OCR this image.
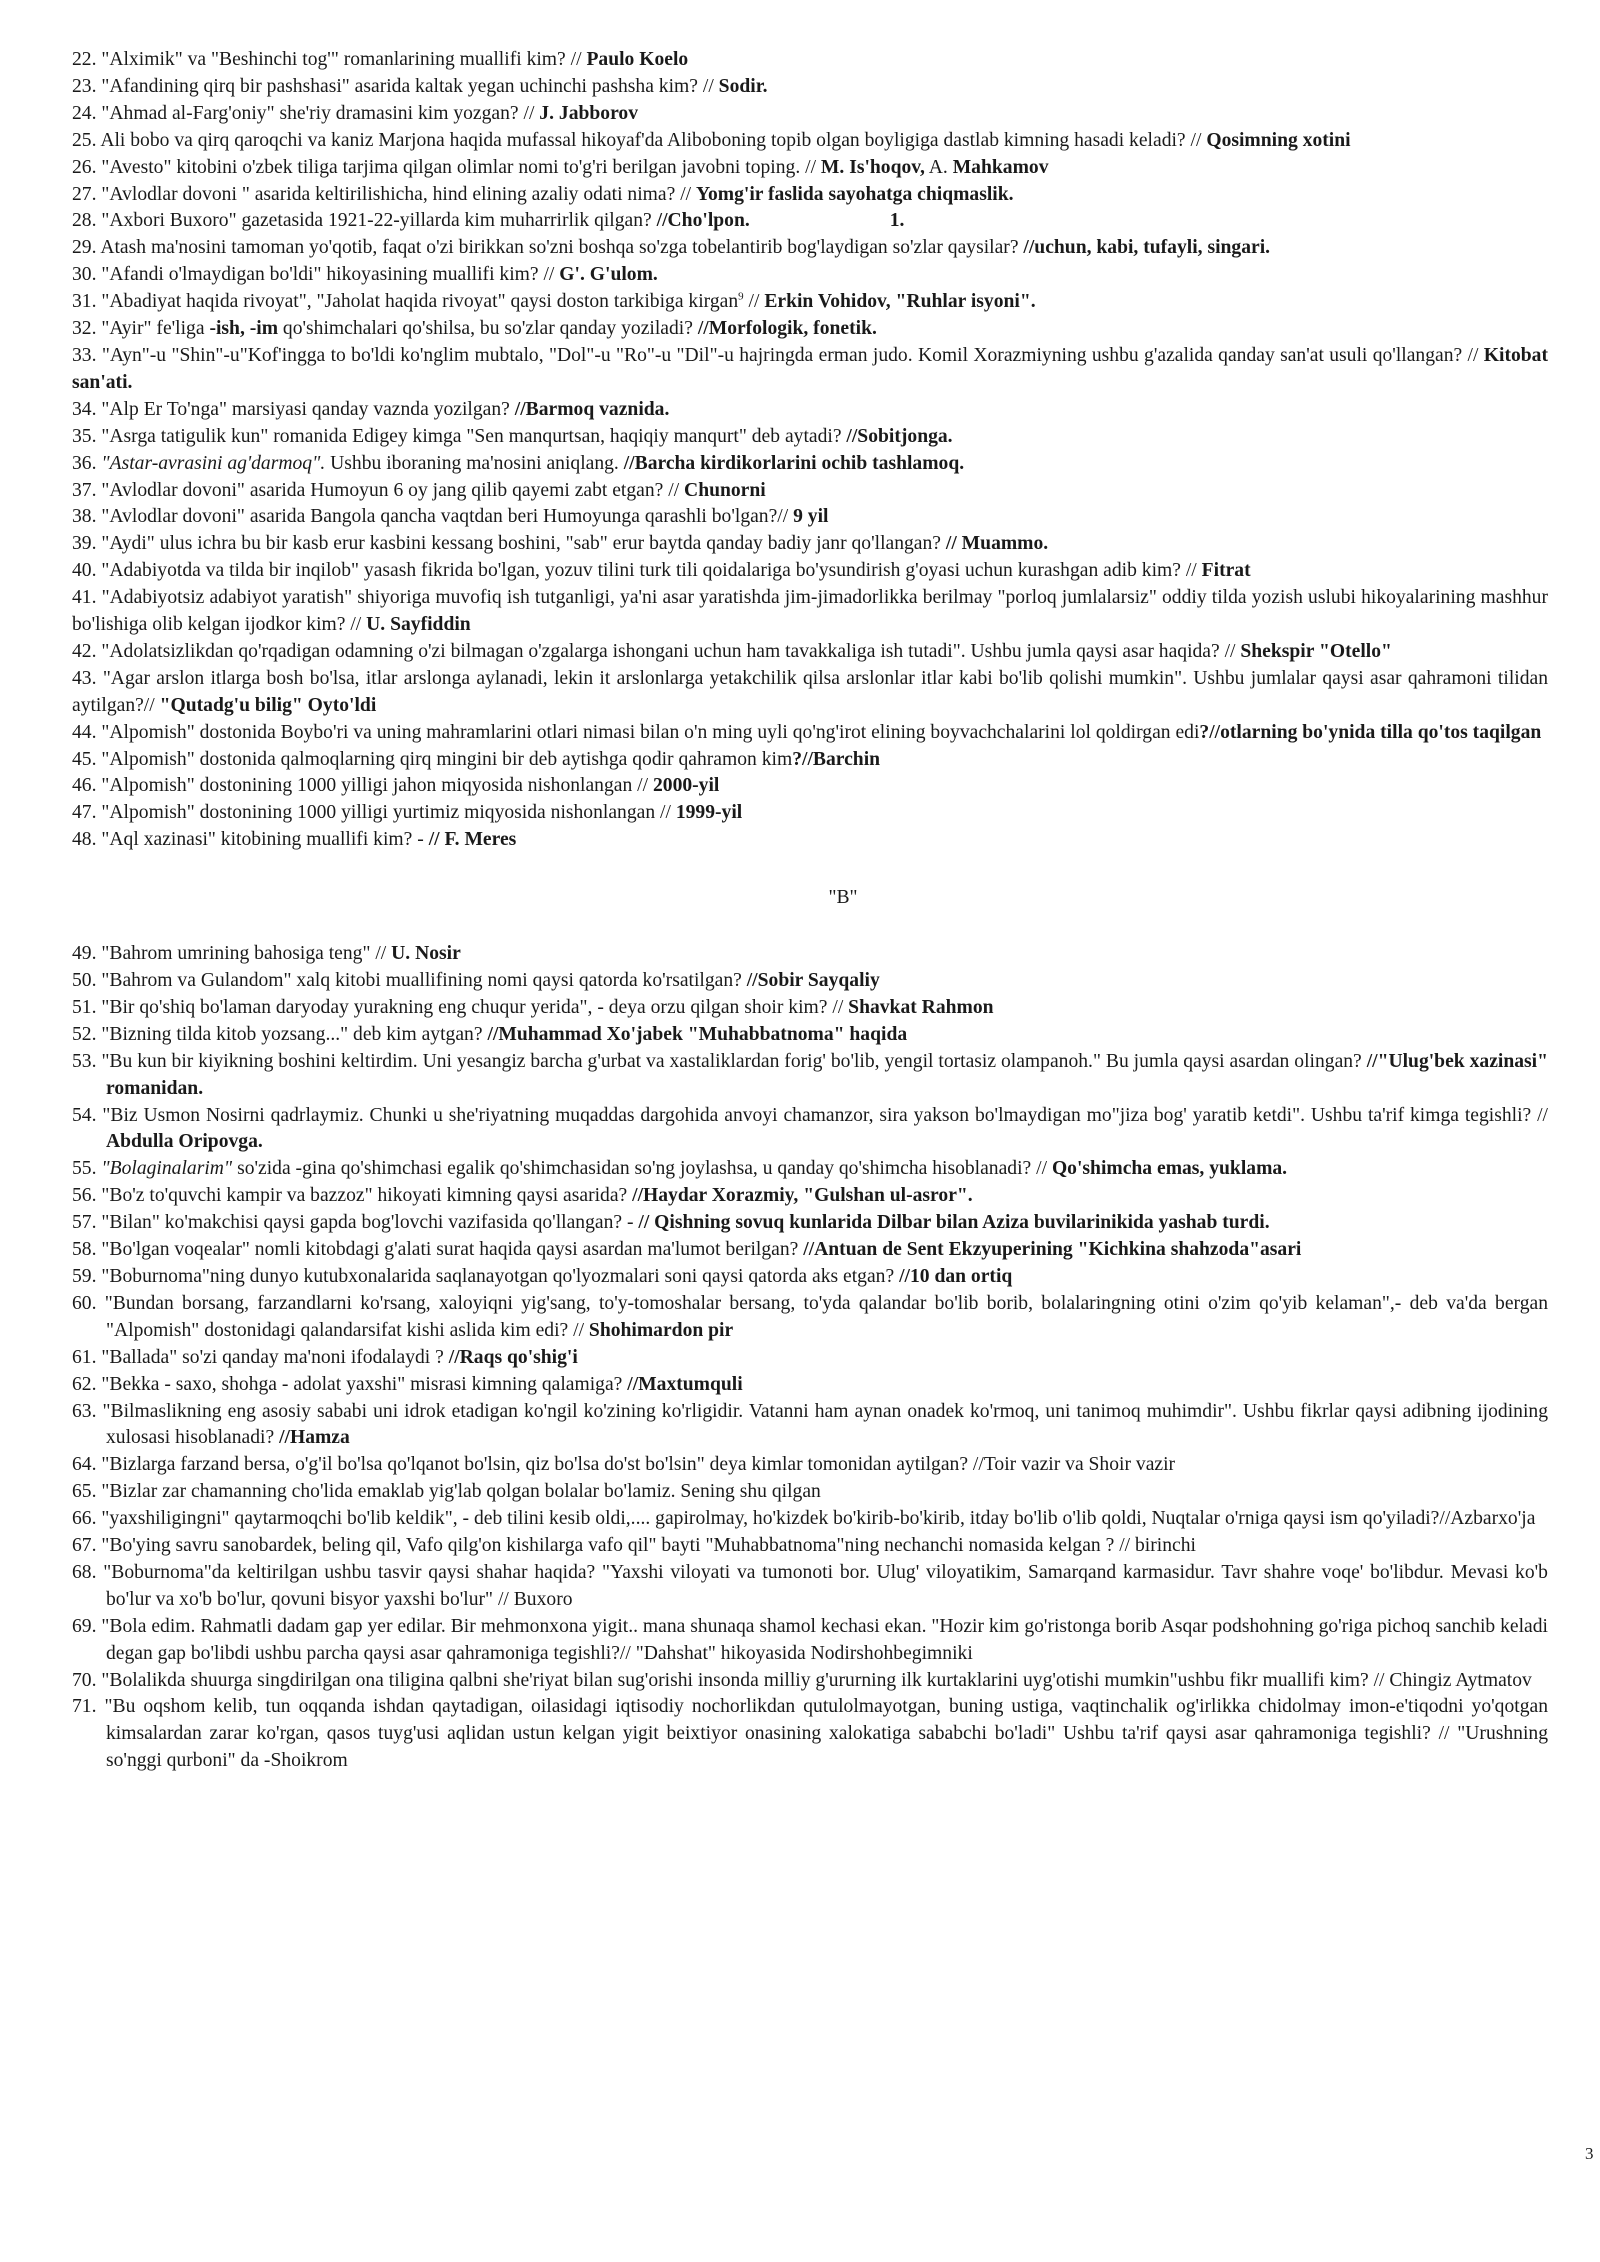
22. "Alximik" va "Beshinchi tog'" romanlarining muallifi kim? // Paulo Koelo

23. "Afandining qirq bir pashshasi" asarida kaltak yegan uchinchi pashsha kim? // Sodir.

24. "Ahmad al-Farg'oniy" she'riy dramasini kim yozgan? // J. Jabborov

25. Ali bobo va qirq qaroqchi va kaniz Marjona haqida mufassal hikoyaf'da Aliboboning topib olgan boyligiga dastlab kimning hasadi keladi? // Qosimning xotini

26. "Avesto" kitobini o'zbek tiliga tarjima qilgan olimlar nomi to'g'ri berilgan javobni toping. // M. Is'hoqov, A. Mahkamov

27. "Avlodlar dovoni " asarida keltirilishicha, hind elining azaliy odati nima? // Yomg'ir faslida sayohatga chiqmaslik.

28. "Axbori Buxoro" gazetasida 1921-22-yillarda kim muharrirlik qilgan? //Cho'lpon.	1.

29. Atash ma'nosini tamoman yo'qotib, faqat o'zi birikkan so'zni boshqa so'zga tobelantirib bog'laydigan so'zlar qaysilar? //uchun, kabi, tufayli, singari.

30. "Afandi o'lmaydigan bo'ldi" hikoyasining muallifi kim? // G'. G'ulom.

31. "Abadiyat haqida rivoyat", "Jaholat haqida rivoyat" qaysi doston tarkibiga kirgan$^9$ // Erkin Vohidov, "Ruhlar isyoni".

32. "Ayir" fe'liga -ish, -im qo'shimchalari qo'shilsa, bu so'zlar qanday yoziladi? //Morfologik, fonetik.

33. "Ayn"-u "Shin"-u"Kof'ingga to bo'ldi ko'nglim mubtalo, "Dol"-u "Ro"-u "Dil"-u hajringda erman judo. Komil Xorazmiyning ushbu g'azalida qanday san'at usuli qo'llangan? // Kitobat san'ati.

34. "Alp Er To'nga" marsiyasi qanday vaznda yozilgan? //Barmoq vaznida.

35. "Asrga tatigulik kun" romanida Edigey kimga "Sen manqurtsan, haqiqiy manqurt" deb aytadi? //Sobitjonga.

36. "Astar-avrasini ag'darmoq". Ushbu iboraning ma'nosini aniqlang. //Barcha kirdikorlarini ochib tashlamoq.

37. "Avlodlar dovoni" asarida Humoyun 6 oy jang qilib qayemi zabt etgan? // Chunorni

38. "Avlodlar dovoni" asarida Bangola qancha vaqtdan beri Humoyunga qarashli bo'lgan?// 9 yil

39. "Aydi" ulus ichra bu bir kasb erur kasbini kessang boshini, "sab" erur baytda qanday badiy janr qo'llangan? // Muammo.

40. "Adabiyotda va tilda bir inqilob" yasash fikrida bo'lgan, yozuv tilini turk tili qoidalariga bo'ysundirish g'oyasi uchun kurashgan adib kim? // Fitrat

41. "Adabiyotsiz adabiyot yaratish" shiyoriga muvofiq ish tutganligi, ya'ni asar yaratishda jim-jimadorlikka berilmay "porloq jumlalarsiz" oddiy tilda yozish uslubi hikoyalarining mashhur bo'lishiga olib kelgan ijodkor kim? // U. Sayfiddin

42. "Adolatsizlikdan qo'rqadigan odamning o'zi bilmagan o'zgalarga ishongani uchun ham tavakkaliga ish tutadi". Ushbu jumla qaysi asar haqida? // Shekspir "Otello"

43. "Agar arslon itlarga bosh bo'lsa, itlar arslonga aylanadi, lekin it arslonlarga yetakchilik qilsa arslonlar itlar kabi bo'lib qolishi mumkin". Ushbu jumlalar qaysi asar qahramoni tilidan aytilgan?// "Qutadg'u bilig" Oyto'ldi

44. "Alpomish" dostonida Boybo'ri va uning mahramlarini otlari nimasi bilan o'n ming uyli qo'ng'irot elining boyvachchalarini lol qoldirgan edi?//otlarning bo'ynida tilla qo'tos taqilgan

45. "Alpomish" dostonida qalmoqlarning qirq mingini bir deb aytishga qodir qahramon kim?//Barchin

46. "Alpomish" dostonining 1000 yilligi jahon miqyosida nishonlangan // 2000-yil

47. "Alpomish" dostonining 1000 yilligi yurtimiz miqyosida nishonlangan // 1999-yil

48. "Aql xazinasi" kitobining muallifi kim? - // F. Meres

"B"

49. "Bahrom umrining bahosiga teng" // U. Nosir

50. "Bahrom va Gulandom" xalq kitobi muallifining nomi qaysi qatorda ko'rsatilgan? //Sobir Sayqaliy

51. "Bir qo'shiq bo'laman daryoday yurakning eng chuqur yerida", - deya orzu qilgan shoir kim? // Shavkat Rahmon

52. "Bizning tilda kitob yozsang..." deb kim aytgan? //Muhammad Xo'jabek "Muhabbatnoma" haqida

53. "Bu kun bir kiyikning boshini keltirdim. Uni yesangiz barcha g'urbat va xastaliklardan forig' bo'lib, yengil tortasiz olampanoh." Bu jumla qaysi asardan olingan? //"Ulug'bek xazinasi" romanidan.

54. "Biz Usmon Nosirni qadrlaymiz. Chunki u she'riyatning muqaddas dargohida anvoyi chamanzor, sira yakson bo'lmaydigan mo"jiza bog' yaratib ketdi". Ushbu ta'rif kimga tegishli? // Abdulla Oripovga.

55. "Bolaginalarim" so'zida -gina qo'shimchasi egalik qo'shimchasidan so'ng joylashsa, u qanday qo'shimcha hisoblanadi? // Qo'shimcha emas, yuklama.

56. "Bo'z to'quvchi kampir va bazzoz" hikoyati kimning qaysi asarida? //Haydar Xorazmiy, "Gulshan ul-asror".

57. "Bilan" ko'makchisi qaysi gapda bog'lovchi vazifasida qo'llangan? - // Qishning sovuq kunlarida Dilbar bilan Aziza buvilarinikida yashab turdi.

58. "Bo'lgan voqealar" nomli kitobdagi g'alati surat haqida qaysi asardan ma'lumot berilgan? //Antuan de Sent Ekzyuperining "Kichkina shahzoda"asari

59. "Boburnoma"ning dunyo kutubxonalarida saqlanayotgan qo'lyozmalari soni qaysi qatorda aks etgan? //10 dan ortiq

60. "Bundan borsang, farzandlarni ko'rsang, xaloyiqni yig'sang, to'y-tomoshalar bersang, to'yda qalandar bo'lib borib, bolalaringning otini o'zim qo'yib kelaman",- deb va'da bergan "Alpomish" dostonidagi qalandarsifat kishi aslida kim edi? // Shohimardon pir

61. "Ballada" so'zi qanday ma'noni ifodalaydi ? //Raqs qo'shig'i

62. "Bekka - saxo, shohga - adolat yaxshi" misrasi kimning qalamiga? //Maxtumquli

63. "Bilmaslikning eng asosiy sababi uni idrok etadigan ko'ngil ko'zining ko'rligidir. Vatanni ham aynan onadek ko'rmoq, uni tanimoq muhimdir". Ushbu fikrlar qaysi adibning ijodining xulosasi hisoblanadi? //Hamza

64. "Bizlarga farzand bersa, o'g'il bo'lsa qo'lqanot bo'lsin, qiz bo'lsa do'st bo'lsin" deya kimlar tomonidan aytilgan? //Toir vazir va Shoir vazir

65. "Bizlar zar chamanning cho'lida emaklab yig'lab qolgan bolalar bo'lamiz. Sening shu qilgan

66. "yaxshiligingni" qaytarmoqchi bo'lib keldik", - deb tilini kesib oldi,.... gapirolmay, ho'kizdek bo'kirib-bo'kirib, itday bo'lib o'lib qoldi, Nuqtalar o'rniga qaysi ism qo'yiladi?//Azbarxo'ja

67. "Bo'ying savru sanobardek, beling qil, Vafo qilg'on kishilarga vafo qil" bayti "Muhabbatnoma"ning nechanchi nomasida kelgan ? // birinchi

68. "Boburnoma"da keltirilgan ushbu tasvir qaysi shahar haqida? "Yaxshi viloyati va tumonoti bor. Ulug' viloyatikim, Samarqand karmasidur. Tavr shahre voqe' bo'libdur. Mevasi ko'b bo'lur va xo'b bo'lur, qovuni bisyor yaxshi bo'lur" // Buxoro

69. "Bola edim. Rahmatli dadam gap yer edilar. Bir mehmonxona yigit.. mana shunaqa shamol kechasi ekan. "Hozir kim go'ristonga borib Asqar podshohning go'riga pichoq sanchib keladi degan gap bo'libdi ushbu parcha qaysi asar qahramoniga tegishli?// "Dahshat" hikoyasida Nodirshohbegimniki

70. "Bolalikda shuurga singdirilgan ona tiligina qalbni she'riyat bilan sug'orishi insonda milliy g'ururning ilk kurtaklarini uyg'otishi mumkin"ushbu fikr muallifi kim? // Chingiz Aytmatov

71. "Bu oqshom kelib, tun oqqanda ishdan qaytadigan, oilasidagi iqtisodiy nochorlikdan qutulolmayotgan, buning ustiga, vaqtinchalik og'irlikka chidolmay imon-e'tiqodni yo'qotgan kimsalardan zarar ko'rgan, qasos tuyg'usi aqlidan ustun kelgan yigit beixtiyor onasining xalokatiga sababchi bo'ladi" Ushbu ta'rif qaysi asar qahramoniga tegishli? // "Urushning so'nggi qurboni" da -Shoikrom

3
